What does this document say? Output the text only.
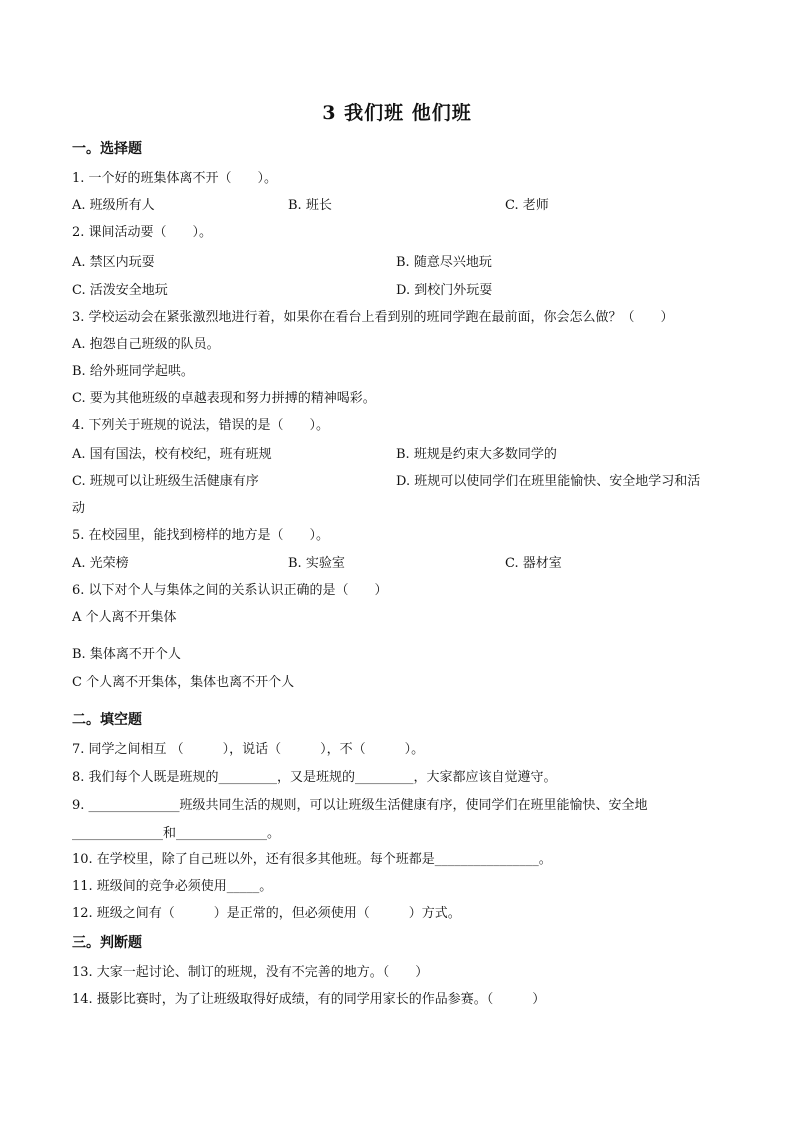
3 我们班 他们班
一。选择题
1. 一个好的班集体离不开（　　）。
A. 班级所有人	B. 班长	C. 老师
2. 课间活动要（　　）。
A. 禁区内玩耍	B. 随意尽兴地玩
C. 活泼安全地玩	D. 到校门外玩耍
3. 学校运动会在紧张激烈地进行着，如果你在看台上看到别的班同学跑在最前面，你会怎么做？（　　）
A. 抱怨自己班级的队员。
B. 给外班同学起哄。
C. 要为其他班级的卓越表现和努力拼搏的精神喝彩。
4. 下列关于班规的说法，错误的是（　　）。
A. 国有国法，校有校纪，班有班规	B. 班规是约束大多数同学的
C. 班规可以让班级生活健康有序	D. 班规可以使同学们在班里能愉快、安全地学习和活
动
5. 在校园里，能找到榜样的地方是（　　）。
A. 光荣榜	B. 实验室	C. 器材室
6. 以下对个人与集体之间的关系认识正确的是（　　）
A 个人离不开集体
B. 集体离不开个人
C 个人离不开集体，集体也离不开个人
二。填空题
7. 同学之间相互 （　　　），说话（　　　），不（　　　）。
8. 我们每个人既是班规的_________，又是班规的_________，大家都应该自觉遵守。
9. ______________班级共同生活的规则，可以让班级生活健康有序，使同学们在班里能愉快、安全地
______________和______________。
10. 在学校里，除了自己班以外，还有很多其他班。每个班都是________________。
11. 班级间的竞争必须使用_____。
12. 班级之间有（　　　）是正常的，但必须使用（　　　）方式。
三。判断题
13. 大家一起讨论、制订的班规，没有不完善的地方。（　　）
14. 摄影比赛时，为了让班级取得好成绩，有的同学用家长的作品参赛。（　　　）
